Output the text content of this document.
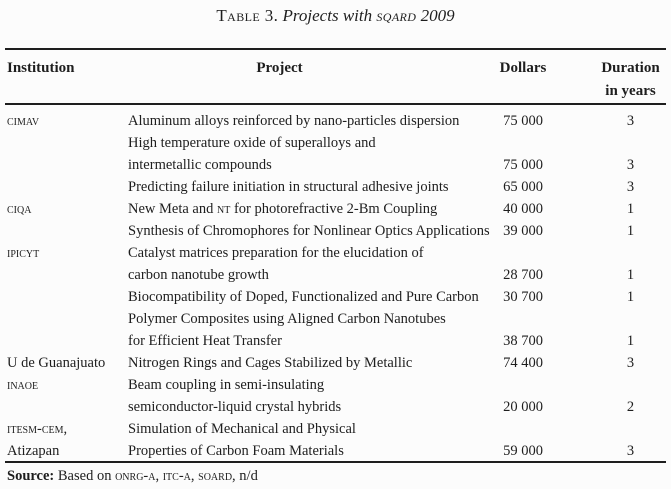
Table 3. Projects with sqard 2009
Institution	Project	Dollars	Duration
in years
cimav	Aluminum alloys reinforced by nano-particles dispersion	75 000	3
High temperature oxide of superalloys and
intermetallic compounds	75 000	3
Predicting failure initiation in structural adhesive joints	65 000	3
ciqa	New Meta and nt for photorefractive 2-Bm Coupling	40 000	1
Synthesis of Chromophores for Nonlinear Optics Applications 39 000	1
ipicyt	Catalyst matrices preparation for the elucidation of
carbon nanotube growth	28 700	1
Biocompatibility of Doped, Functionalized and Pure Carbon	30 700	1
Polymer Composites using Aligned Carbon Nanotubes
for Efficient Heat Transfer	38 700	1
U de Guanajuato	Nitrogen Rings and Cages Stabilized by Metallic	74 400	3
inaoe	Beam coupling in semi-insulating
semiconductor-liquid crystal hybrids	20 000	2
itesm-cem,	Simulation of Mechanical and Physical
Atizapan	Properties of Carbon Foam Materials	59 000	3
Source: Based on onrg-a, itc-a, soard, n/d
